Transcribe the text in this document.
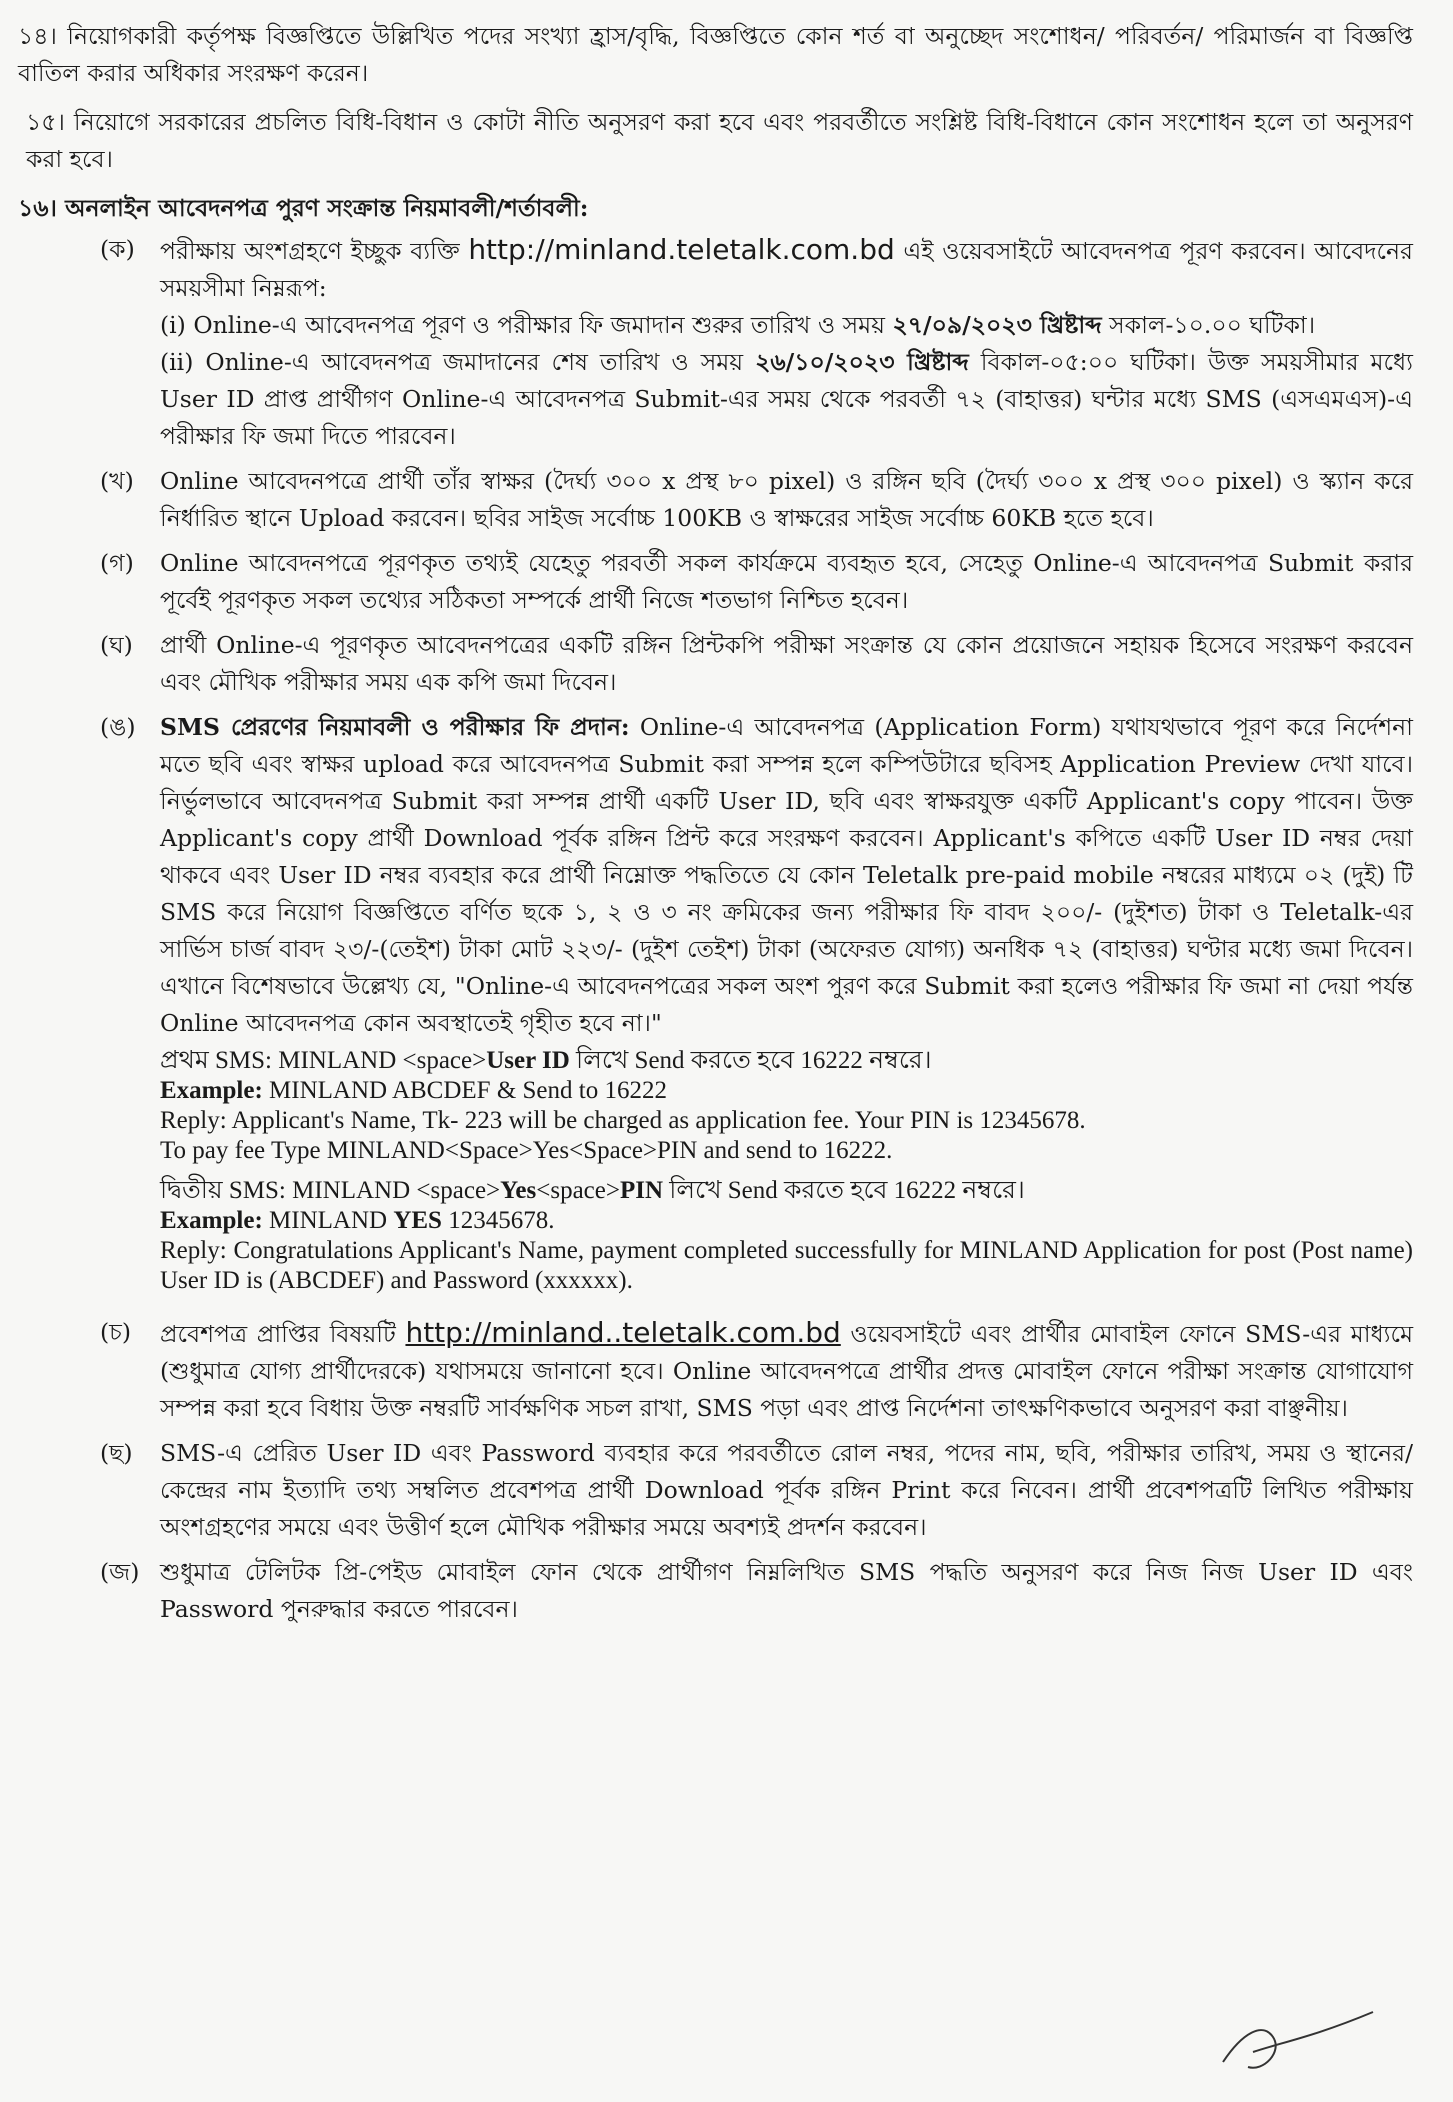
১৪। নিয়োগকারী কর্তৃপক্ষ বিজ্ঞপ্তিতে উল্লিখিত পদের সংখ্যা হ্রাস/বৃদ্ধি, বিজ্ঞপ্তিতে কোন শর্ত বা অনুচ্ছেদ সংশোধন/ পরিবর্তন/ পরিমার্জন বা বিজ্ঞপ্তি বাতিল করার অধিকার সংরক্ষণ করেন।

১৫। নিয়োগে সরকারের প্রচলিত বিধি-বিধান ও কোটা নীতি অনুসরণ করা হবে এবং পরবর্তীতে সংশ্লিষ্ট বিধি-বিধানে কোন সংশোধন হলে তা অনুসরণ করা হবে।

১৬। অনলাইন আবেদনপত্র পুরণ সংক্রান্ত নিয়মাবলী/শর্তাবলী:

(ক)	পরীক্ষায় অংশগ্রহণে ইচ্ছুক ব্যক্তি http://minland.teletalk.com.bd এই ওয়েবসাইটে আবেদনপত্র পূরণ করবেন। আবেদনের সময়সীমা নিম্নরূপ:

(i) Online-এ আবেদনপত্র পূরণ ও পরীক্ষার ফি জমাদান শুরুর তারিখ ও সময় ২৭/০৯/২০২৩ খ্রিষ্টাব্দ সকাল-১০.০০ ঘটিকা।

(ii) Online-এ আবেদনপত্র জমাদানের শেষ তারিখ ও সময় ২৬/১০/২০২৩ খ্রিষ্টাব্দ বিকাল-০৫:০০ ঘটিকা। উক্ত সময়সীমার মধ্যে User ID প্রাপ্ত প্রার্থীগণ Online-এ আবেদনপত্র Submit-এর সময় থেকে পরবর্তী ৭২ (বাহাত্তর) ঘন্টার মধ্যে SMS (এসএমএস)-এ পরীক্ষার ফি জমা দিতে পারবেন।

(খ)	Online আবেদনপত্রে প্রার্থী তাঁর স্বাক্ষর (দৈর্ঘ্য ৩০০ x প্রস্থ ৮০ pixel) ও রঙ্গিন ছবি (দৈর্ঘ্য ৩০০ x প্রস্থ ৩০০ pixel) ও স্ক্যান করে নির্ধারিত স্থানে Upload করবেন। ছবির সাইজ সর্বোচ্চ 100KB ও স্বাক্ষরের সাইজ সর্বোচ্চ 60KB হতে হবে।
(গ)	Online আবেদনপত্রে পূরণকৃত তথ্যই যেহেতু পরবর্তী সকল কার্যক্রমে ব্যবহৃত হবে, সেহেতু Online-এ আবেদনপত্র Submit করার পূর্বেই পূরণকৃত সকল তথ্যের সঠিকতা সম্পর্কে প্রার্থী নিজে শতভাগ নিশ্চিত হবেন।
(ঘ)	প্রার্থী Online-এ পূরণকৃত আবেদনপত্রের একটি রঙ্গিন প্রিন্টকপি পরীক্ষা সংক্রান্ত যে কোন প্রয়োজনে সহায়ক হিসেবে সংরক্ষণ করবেন এবং মৌখিক পরীক্ষার সময় এক কপি জমা দিবেন।
(ঙ)	SMS প্রেরণের নিয়মাবলী ও পরীক্ষার ফি প্রদান: Online-এ আবেদনপত্র (Application Form) যথাযথভাবে পূরণ করে নির্দেশনা মতে ছবি এবং স্বাক্ষর upload করে আবেদনপত্র Submit করা সম্পন্ন হলে কম্পিউটারে ছবিসহ Application Preview দেখা যাবে। নির্ভুলভাবে আবেদনপত্র Submit করা সম্পন্ন প্রার্থী একটি User ID, ছবি এবং স্বাক্ষরযুক্ত একটি Applicant's copy পাবেন। উক্ত Applicant's copy প্রার্থী Download পূর্বক রঙ্গিন প্রিন্ট করে সংরক্ষণ করবেন। Applicant's কপিতে একটি User ID নম্বর দেয়া থাকবে এবং User ID নম্বর ব্যবহার করে প্রার্থী নিম্নোক্ত পদ্ধতিতে যে কোন Teletalk pre-paid mobile নম্বরের মাধ্যমে ০২ (দুই) টি SMS করে নিয়োগ বিজ্ঞপ্তিতে বর্ণিত ছকে ১, ২ ও ৩ নং ক্রমিকের জন্য পরীক্ষার ফি বাবদ ২০০/- (দুইশত) টাকা ও Teletalk-এর সার্ভিস চার্জ বাবদ ২৩/-(তেইশ) টাকা মোট ২২৩/- (দুইশ তেইশ) টাকা (অফেরত যোগ্য) অনধিক ৭২ (বাহাত্তর) ঘণ্টার মধ্যে জমা দিবেন। এখানে বিশেষভাবে উল্লেখ্য যে, "Online-এ আবেদনপত্রের সকল অংশ পুরণ করে Submit করা হলেও পরীক্ষার ফি জমা না দেয়া পর্যন্ত Online আবেদনপত্র কোন অবস্থাতেই গৃহীত হবে না।"

প্রথম SMS: MINLAND <space>User ID লিখে Send করতে হবে 16222 নম্বরে।

Example: MINLAND ABCDEF & Send to 16222

Reply: Applicant's Name, Tk- 223 will be charged as application fee. Your PIN is 12345678.

To pay fee Type MINLAND<Space>Yes<Space>PIN and send to 16222.

দ্বিতীয় SMS: MINLAND <space>Yes<space>PIN লিখে Send করতে হবে 16222 নম্বরে।

Example: MINLAND YES 12345678.

Reply: Congratulations Applicant's Name, payment completed successfully for MINLAND Application for post (Post name) User ID is (ABCDEF) and Password (xxxxxx).

(চ)	প্রবেশপত্র প্রাপ্তির বিষয়টি http://minland..teletalk.com.bd ওয়েবসাইটে এবং প্রার্থীর মোবাইল ফোনে SMS-এর মাধ্যমে (শুধুমাত্র যোগ্য প্রার্থীদেরকে) যথাসময়ে জানানো হবে। Online আবেদনপত্রে প্রার্থীর প্রদত্ত মোবাইল ফোনে পরীক্ষা সংক্রান্ত যোগাযোগ সম্পন্ন করা হবে বিধায় উক্ত নম্বরটি সার্বক্ষণিক সচল রাখা, SMS পড়া এবং প্রাপ্ত নির্দেশনা তাৎক্ষণিকভাবে অনুসরণ করা বাঞ্ছনীয়।
(ছ)	SMS-এ প্রেরিত User ID এবং Password ব্যবহার করে পরবর্তীতে রোল নম্বর, পদের নাম, ছবি, পরীক্ষার তারিখ, সময় ও স্থানের/কেন্দ্রের নাম ইত্যাদি তথ্য সম্বলিত প্রবেশপত্র প্রার্থী Download পূর্বক রঙ্গিন Print করে নিবেন। প্রার্থী প্রবেশপত্রটি লিখিত পরীক্ষায় অংশগ্রহণের সময়ে এবং উত্তীর্ণ হলে মৌখিক পরীক্ষার সময়ে অবশ্যই প্রদর্শন করবেন।
(জ) শুধুমাত্র টেলিটক প্রি-পেইড মোবাইল ফোন থেকে প্রার্থীগণ নিম্নলিখিত SMS পদ্ধতি অনুসরণ করে নিজ নিজ User ID এবং Password পুনরুদ্ধার করতে পারবেন।
